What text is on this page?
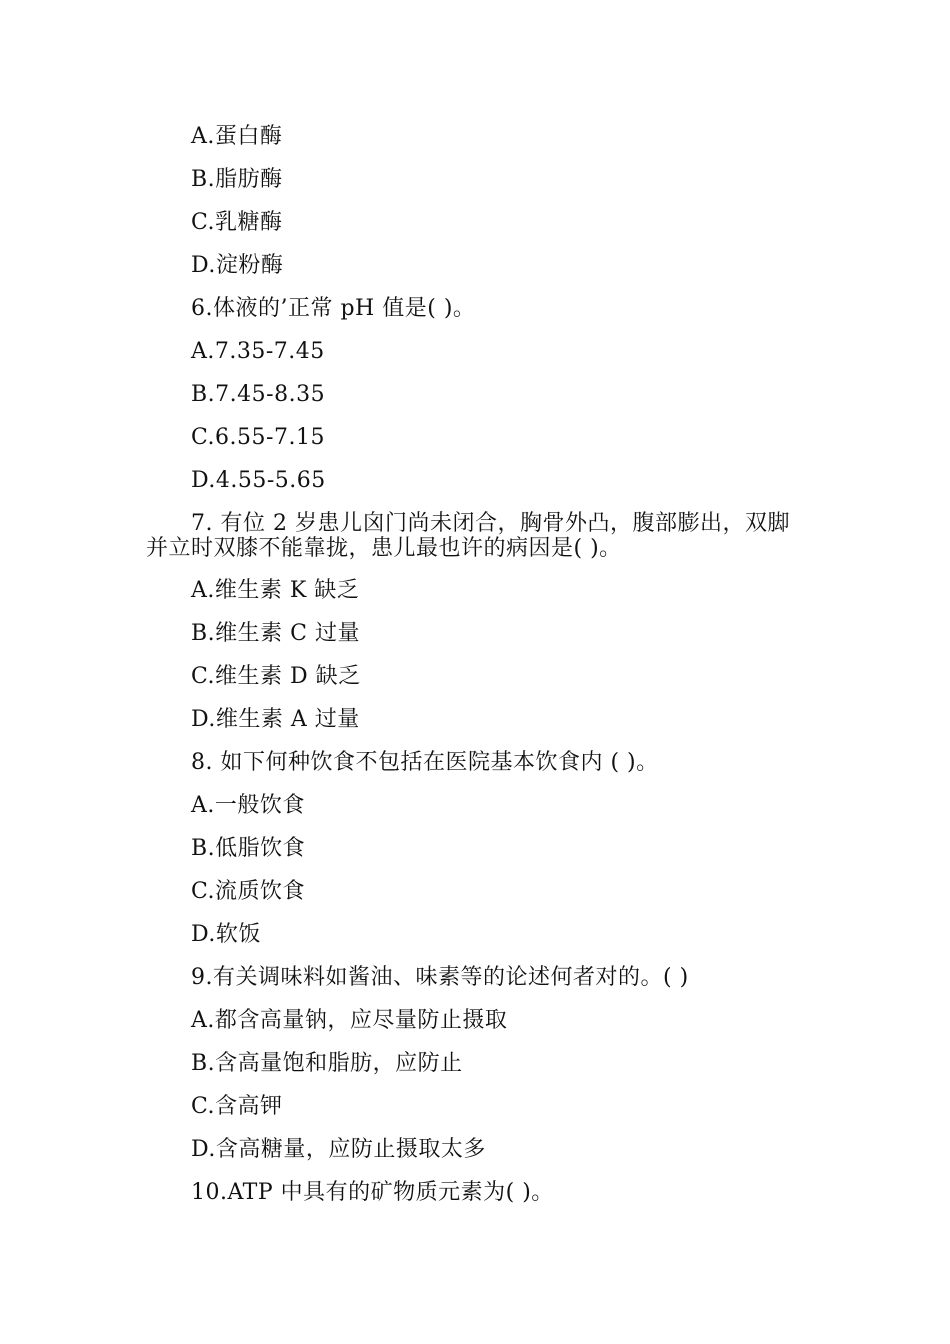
A.蛋白酶
B.脂肪酶
C.乳糖酶
D.淀粉酶
6.体液的’正常 pH 值是( )。
A.7.35-7.45
B.7.45-8.35
C.6.55-7.15
D.4.55-5.65
7. 有位 2 岁患儿囟门尚未闭合，胸骨外凸，腹部膨出，双脚并立时双膝不能靠拢，患儿最也许的病因是( )。
A.维生素 K 缺乏
B.维生素 C 过量
C.维生素 D 缺乏
D.维生素 A 过量
8. 如下何种饮食不包括在医院基本饮食内 ( )。
A.一般饮食
B.低脂饮食
C.流质饮食
D.软饭
9.有关调味料如酱油、味素等的论述何者对的。( )
A.都含高量钠，应尽量防止摄取
B.含高量饱和脂肪，应防止
C.含高钾
D.含高糖量，应防止摄取太多
10.ATP 中具有的矿物质元素为( )。
